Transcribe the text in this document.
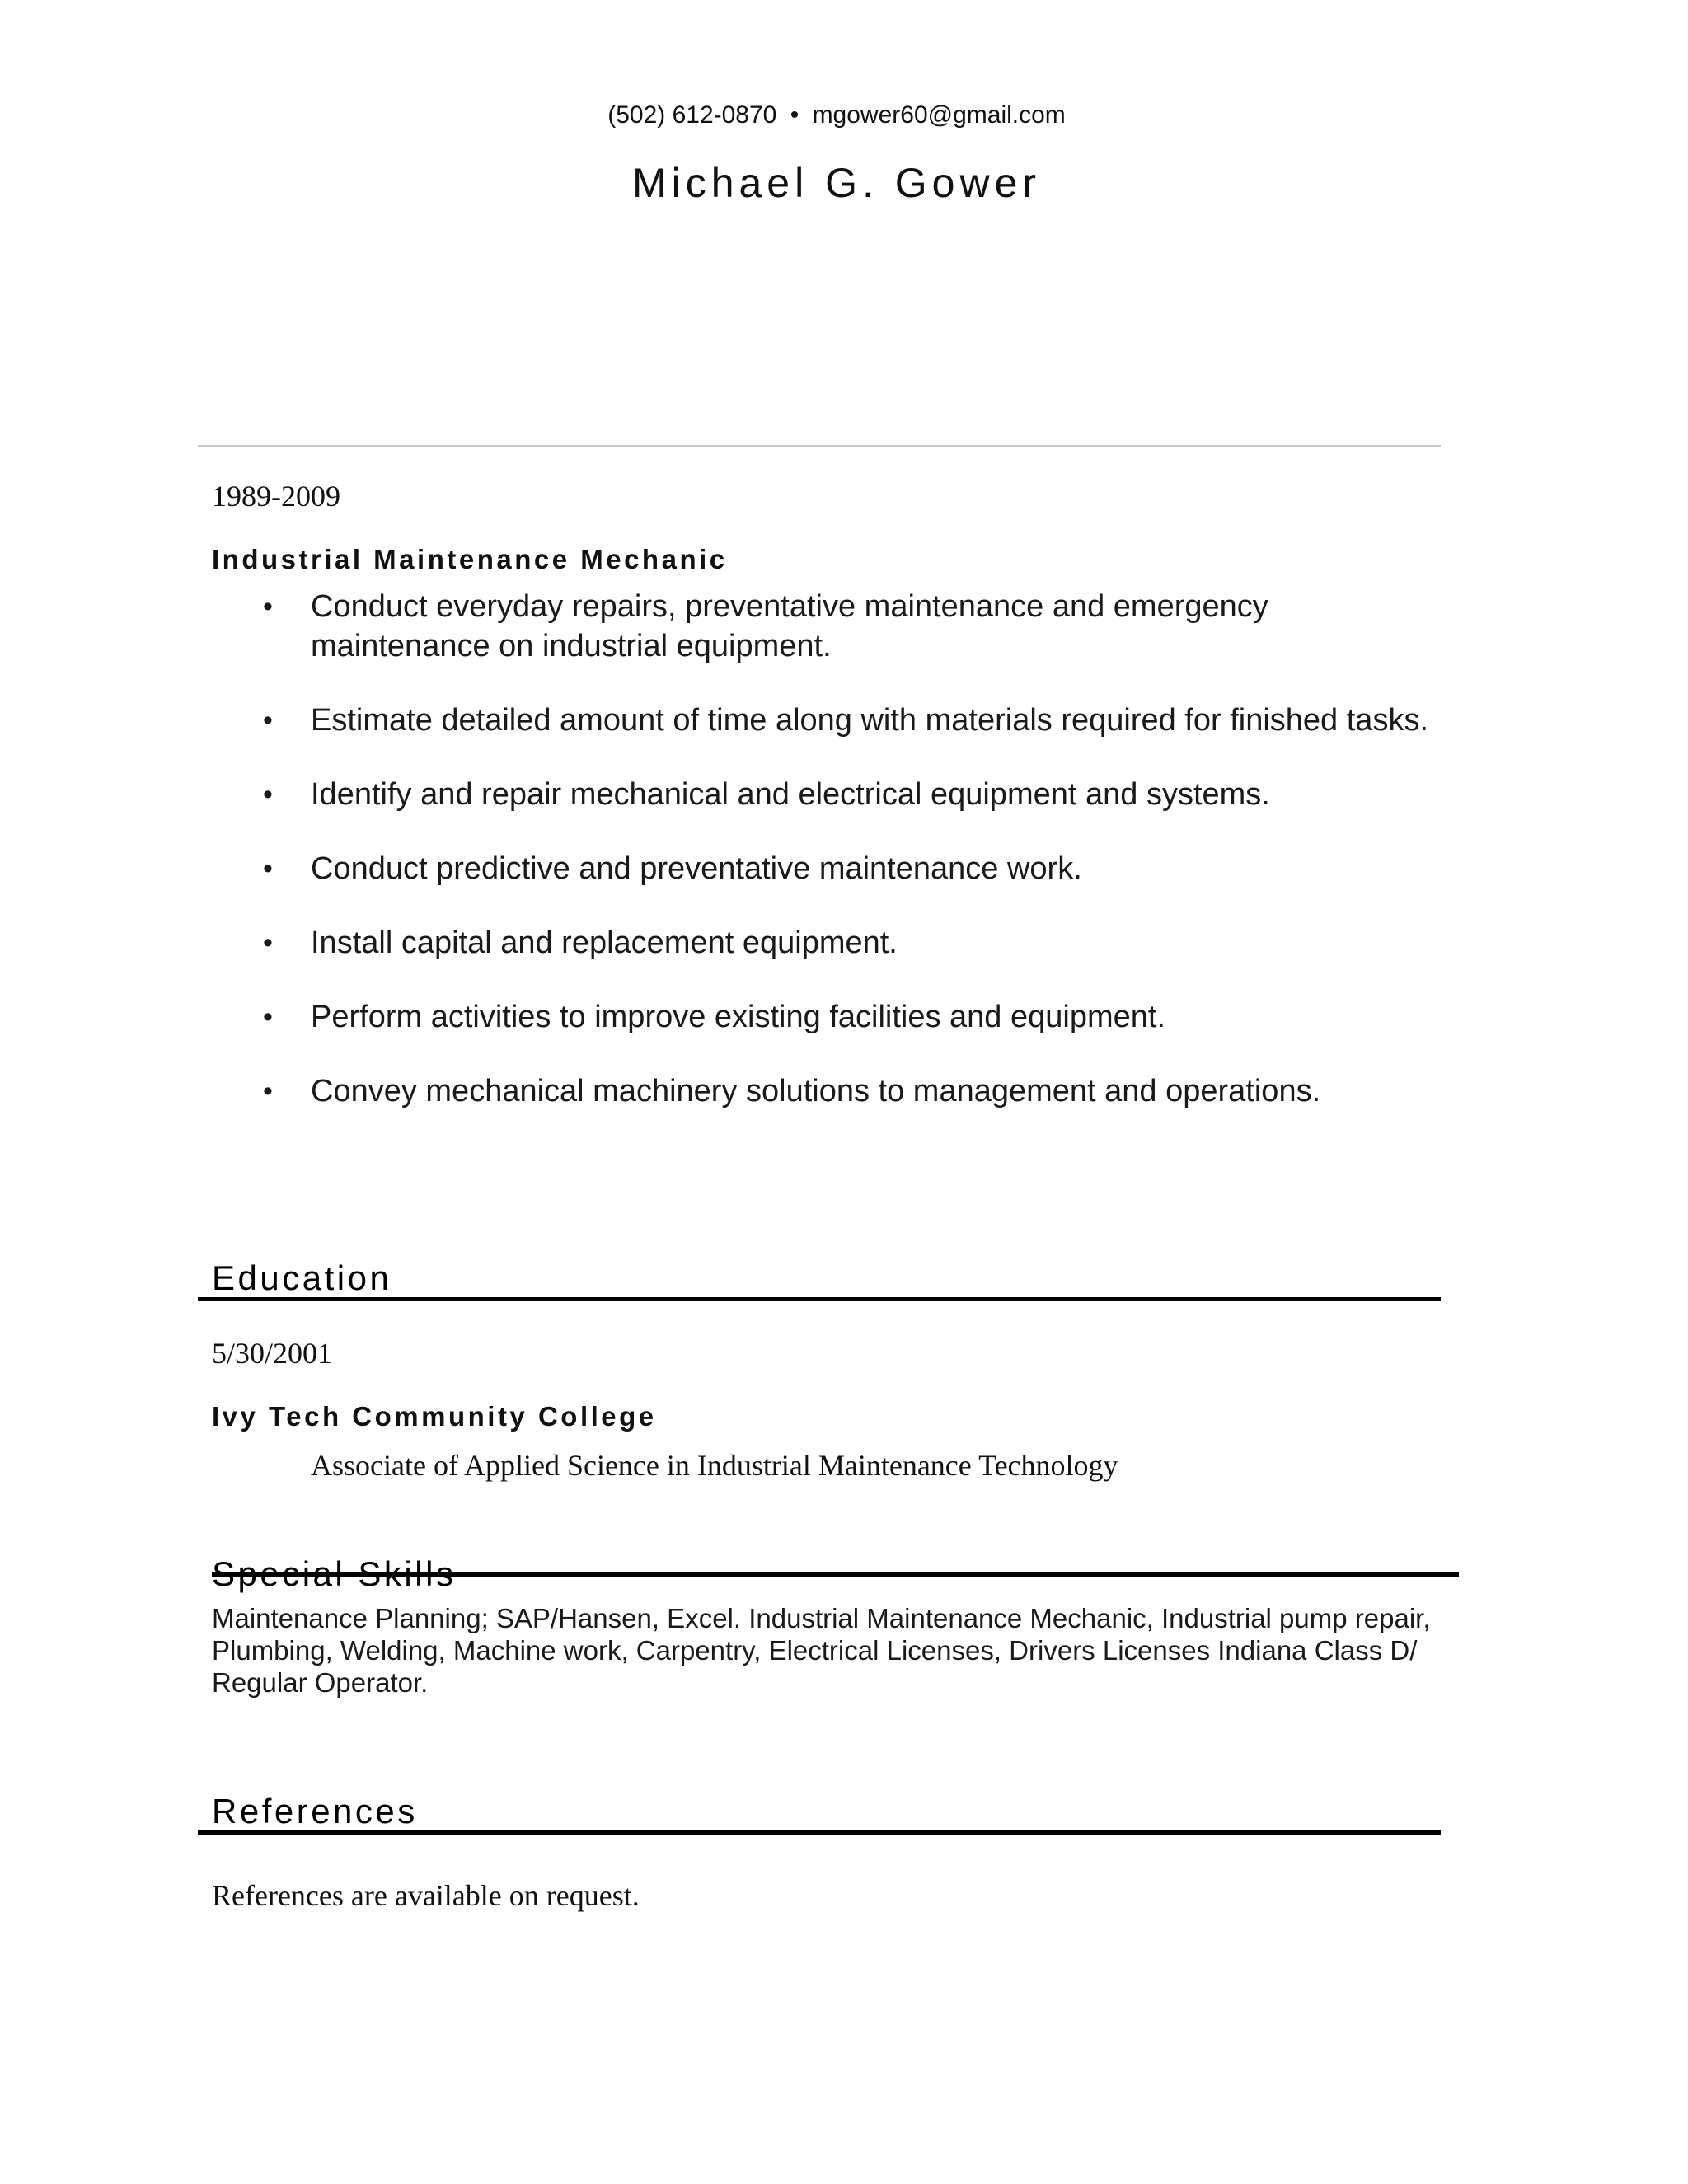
(502) 612-0870 • mgower60@gmail.com
Michael G. Gower
1989-2009
Industrial Maintenance Mechanic
• Conduct everyday repairs, preventative maintenance and emergency maintenance on industrial equipment.
• Estimate detailed amount of time along with materials required for finished tasks.
• Identify and repair mechanical and electrical equipment and systems.
• Conduct predictive and preventative maintenance work.
• Install capital and replacement equipment.
• Perform activities to improve existing facilities and equipment.
• Convey mechanical machinery solutions to management and operations.
Education
5/30/2001
Ivy Tech Community College
Associate of Applied Science in Industrial Maintenance Technology
Special Skills
Maintenance Planning; SAP/Hansen, Excel. Industrial Maintenance Mechanic, Industrial pump repair, Plumbing, Welding, Machine work, Carpentry, Electrical Licenses, Drivers Licenses Indiana Class D/ Regular Operator.
References
References are available on request.
